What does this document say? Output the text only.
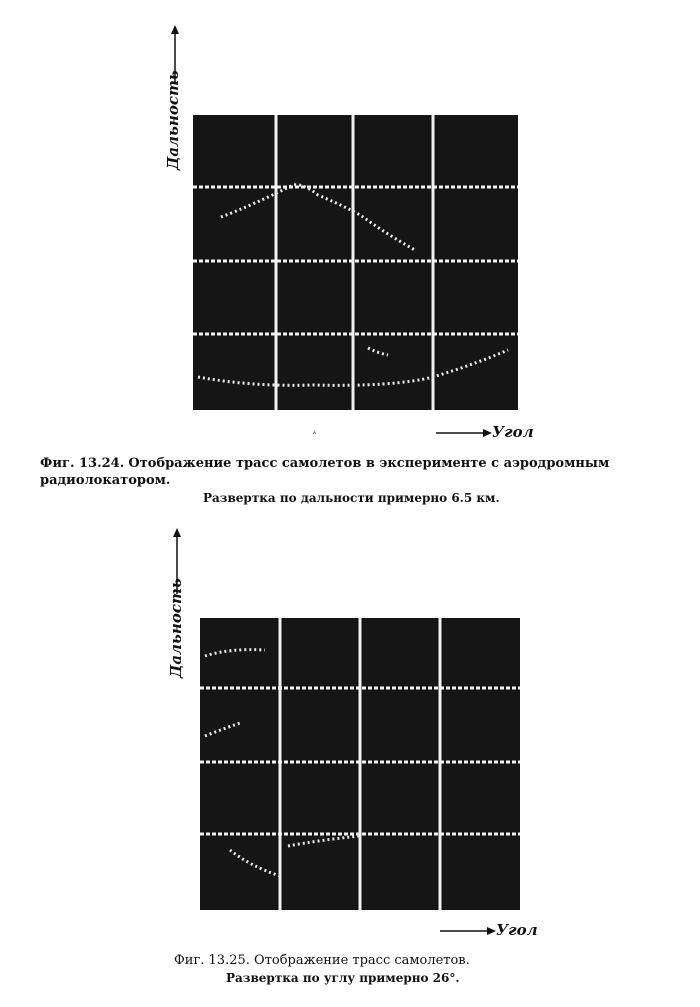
Дальность
˄	Угол
Фиг. 13.24. Отображение трасс самолетов в эксперименте с аэродромным радиолокатором.
Развертка по дальности примерно 6.5 км.
Дальность
Угол
Фиг. 13.25. Отображение трасс самолетов.
Развертка по углу примерно 26°.
